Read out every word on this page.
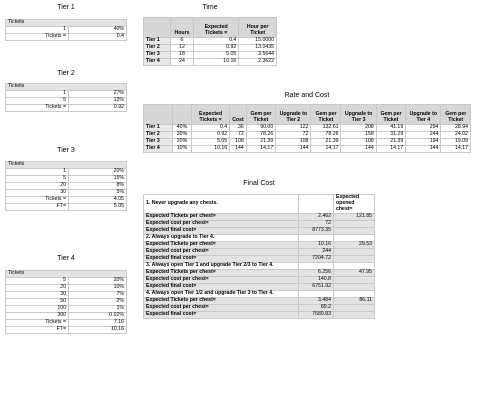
Tier 1
Tickets	
1	40%
Tickets =	0.4
Tier 2
Tickets	
1	27%
5	13%
Tickets =	0.92
Tier 3
Tickets	
1	20%
5	15%
20	8%
30	5%
Tickets =	4.05
FT=	5.05
Tier 4
Tickets	
5	20%
20	10%
30	7%
50	2%
100	1%
300	0.02%
Tickets =	7.16
FT=	10.16
Time
	Hours	Expected Tickets =	Hour per Ticket
Tier 1	6	0.4	15.0000
Tier 2	12	0.92	13.0435
Tier 3	18	5.05	3.5644
Tier 4	24	10.16	2.3622
Rate and Cost
		Expected Tickets =	Cost	Gem per Ticket	Upgrade to Tier 2	Gem per Ticket	Upgrade to Tier 3	Gem per Ticket	Upgrade to Tier 4	Gem per Ticket
Tier 1	40%	0.4	36	90.00	122	132.61	208	41.19	294	28.94
Tier 2	30%	0.92	72	78.26	72	78.26	158	31.29	244	24.02
Tier 3	20%	5.05	108	21.39	108	21.39	108	21.39	194	19.09
Tier 4	10%	10.16	144	14.17	144	14.17	144	14.17	144	14.17
Final Cost
1. Never upgrade any chests.		Expected opened chest=
Expected Tickets per chest=	2.462	121.85
Expected cost per chest=	72	
Expected final cost=	8773.35	
2. Always upgrade to Tier 4.		
Expected Tickets per chest=	10.16	29.53
Expected cost per chest=	244	
Expected final cost=	7204.72	
3. Always open Tier 1 and upgrade Tier 2/3 to Tier 4.		
Expected Tickets per chest=	6.256	47.95
Expected cost per chest=	140.8	
Expected final cost=	6751.92	
4. Always open Tier 1/2 and upgrade Tier 3 to Tier 4.		
Expected Tickets per chest=	3.484	86.11
Expected cost per chest=	89.2	
Expected final cost=	7680.83	
